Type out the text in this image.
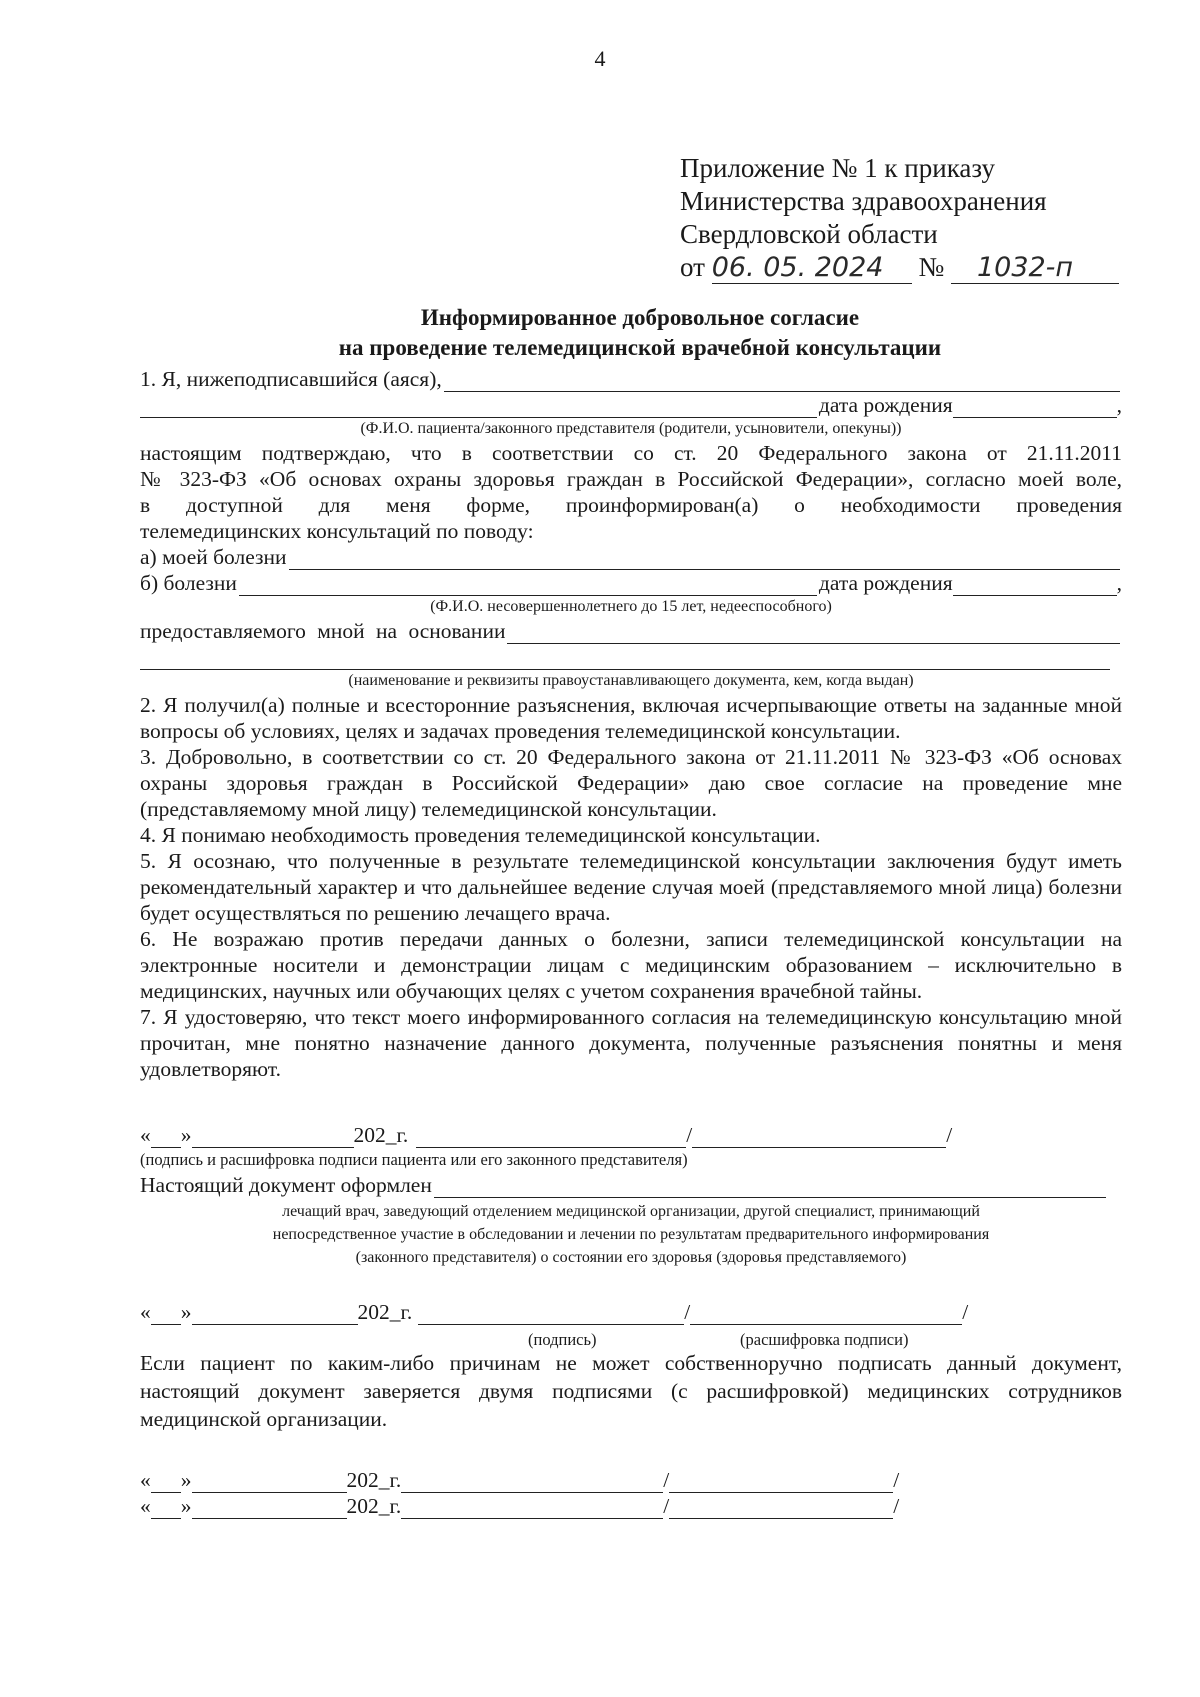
4
Приложение № 1 к приказу
Министерства здравоохранения
Свердловской области
от 06. 05. 2024 № 1032-п
Информированное добровольное согласие
на проведение телемедицинской врачебной консультации
1. Я, нижеподписавшийся (аяся),
дата рождения	,
(Ф.И.О. пациента/законного представителя (родители, усыновители, опекуны))
настоящим подтверждаю, что в соответствии со ст. 20 Федерального закона от 21.11.2011
№ 323-ФЗ «Об основах охраны здоровья граждан в Российской Федерации», согласно моей воле,
в доступной для меня форме, проинформирован(а) о необходимости проведения
телемедицинских консультаций по поводу:
а) моей болезни
б) болезни	дата рождения	,
(Ф.И.О. несовершеннолетнего до 15 лет, недееспособного)
предоставляемого мной на основании
(наименование и реквизиты правоустанавливающего документа, кем, когда выдан)

2. Я получил(а) полные и всесторонние разъяснения, включая исчерпывающие ответы на заданные мной вопросы об условиях, целях и задачах проведения телемедицинской консультации.

3. Добровольно, в соответствии со ст. 20 Федерального закона от 21.11.2011 № 323-ФЗ «Об основах охраны здоровья граждан в Российской Федерации» даю свое согласие на проведение мне (представляемому мной лицу) телемедицинской консультации.

4. Я понимаю необходимость проведения телемедицинской консультации.

5. Я осознаю, что полученные в результате телемедицинской консультации заключения будут иметь рекомендательный характер и что дальнейшее ведение случая моей (представляемого мной лица) болезни будет осуществляться по решению лечащего врача.

6. Не возражаю против передачи данных о болезни, записи телемедицинской консультации на электронные носители и демонстрации лицам с медицинским образованием – исключительно в медицинских, научных или обучающих целях с учетом сохранения врачебной тайны.

7. Я удостоверяю, что текст моего информированного согласия на телемедицинскую консультацию мной прочитан, мне понятно назначение данного документа, полученные разъяснения понятны и меня удовлетворяют.

« »	202_г.	/	/
(подпись и расшифровка подписи пациента или его законного представителя)
Настоящий документ оформлен
лечащий врач, заведующий отделением медицинской организации, другой специалист, принимающий
непосредственное участие в обследовании и лечении по результатам предварительного информирования
(законного представителя) о состоянии его здоровья (здоровья представляемого)
« »	202_г.	/	/
(подпись)	(расшифровка подписи)

Если пациент по каким-либо причинам не может собственноручно подписать данный документ, настоящий документ заверяется двумя подписями (с расшифровкой) медицинских сотрудников медицинской организации.

« »	202_г.	/	/
« »	202_г.	/	/
